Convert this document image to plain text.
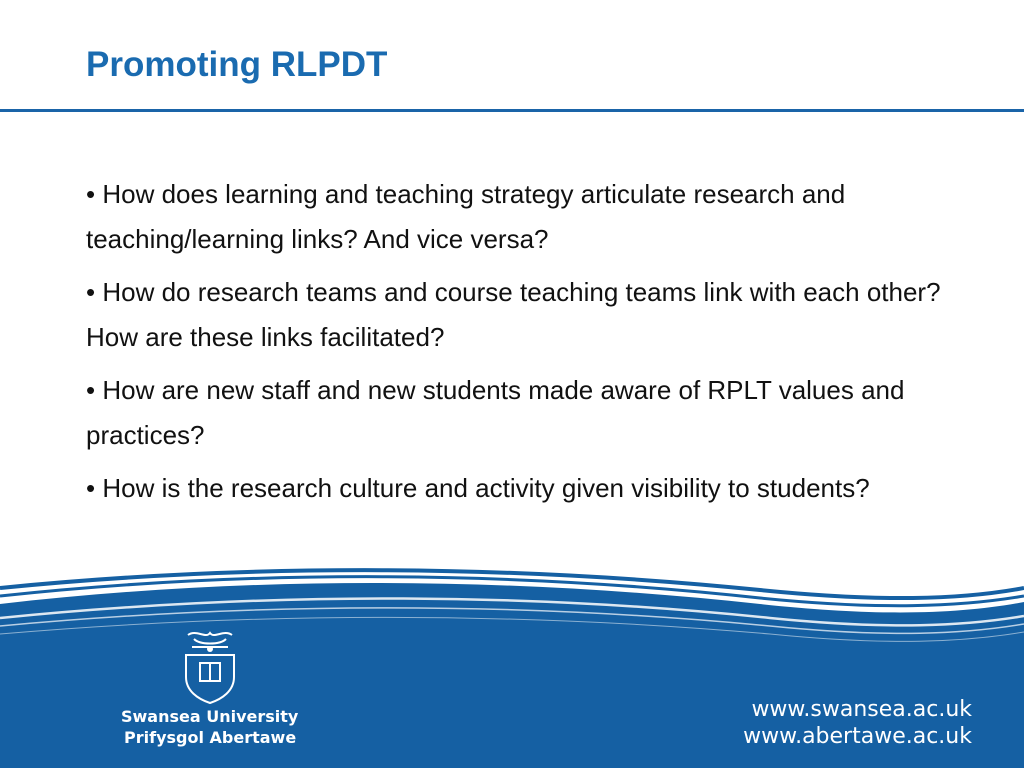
Promoting RLPDT
• How does learning and teaching strategy articulate research and teaching/learning links? And vice versa?
• How do research teams and course teaching teams link with each other? How are these links facilitated?
• How are new staff and new students made aware of RPLT values and practices?
• How is the research culture and activity given visibility to students?

Swansea University

Prifysgol Abertawe

www.swansea.ac.uk

www.abertawe.ac.uk
